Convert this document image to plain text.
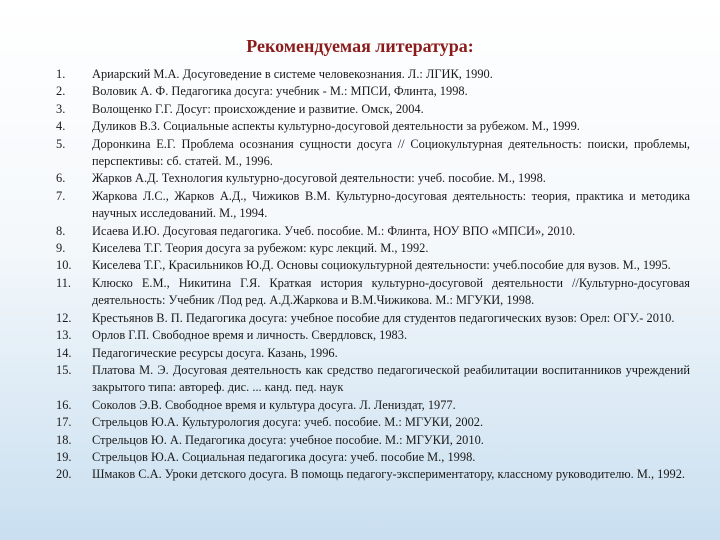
Рекомендуемая литература:
1.	Ариарский М.А. Досуговедение в системе человекознания. Л.: ЛГИК, 1990.
2.	Воловик А. Ф. Педагогика досуга: учебник - М.: МПСИ, Флинта, 1998.
3.	Волощенко Г.Г. Досуг: происхождение и развитие. Омск, 2004.
4.	Дуликов В.З. Социальные аспекты культурно-досуговой деятельности за рубежом. М., 1999.
5.	Доронкина Е.Г. Проблема осознания сущности досуга // Социокультурная деятельность: поиски, проблемы, перспективы: сб. статей. М., 1996.
6.	Жарков А.Д. Технология культурно-досуговой деятельности: учеб. пособие. М., 1998.
7.	Жаркова Л.С., Жарков А.Д., Чижиков В.М. Культурно-досуговая деятельность: теория, практика и методика научных исследований. М., 1994.
8.	Исаева И.Ю. Досуговая педагогика. Учеб. пособие. М.: Флинта, НОУ ВПО «МПСИ», 2010.
9.	Киселева Т.Г. Теория досуга за рубежом: курс лекций. М., 1992.
10.	Киселева Т.Г., Красильников Ю.Д. Основы социокультурной деятельности: учеб.пособие для вузов. М., 1995.
11.	Клюско Е.М., Никитина Г.Я. Краткая история культурно-досуговой деятельности //Культурно-досуговая деятельность: Учебник /Под ред. А.Д.Жаркова и В.М.Чижикова. М.: МГУКИ, 1998.
12.	Крестьянов В. П. Педагогика досуга: учебное пособие для студентов педагогических вузов: Орел: ОГУ.- 2010.
13.	Орлов Г.П. Свободное время и личность. Свердловск, 1983.
14.	Педагогические ресурсы досуга. Казань, 1996.
15.	Платова М. Э. Досуговая деятельность как средство педагогической реабилитации воспитанников учреждений закрытого типа: автореф. дис. ... канд. пед. наук
16.	Соколов Э.В. Свободное время и культура досуга. Л. Лениздат, 1977.
17.	Стрельцов Ю.А. Культурология досуга: учеб. пособие. М.: МГУКИ, 2002.
18.	Стрельцов Ю. А. Педагогика досуга: учебное пособие. М.: МГУКИ, 2010.
19.	Стрельцов Ю.А. Социальная педагогика досуга: учеб. пособие М., 1998.
20.	Шмаков С.А. Уроки детского досуга. В помощь педагогу-экспериментатору, классному руководителю. М., 1992.
